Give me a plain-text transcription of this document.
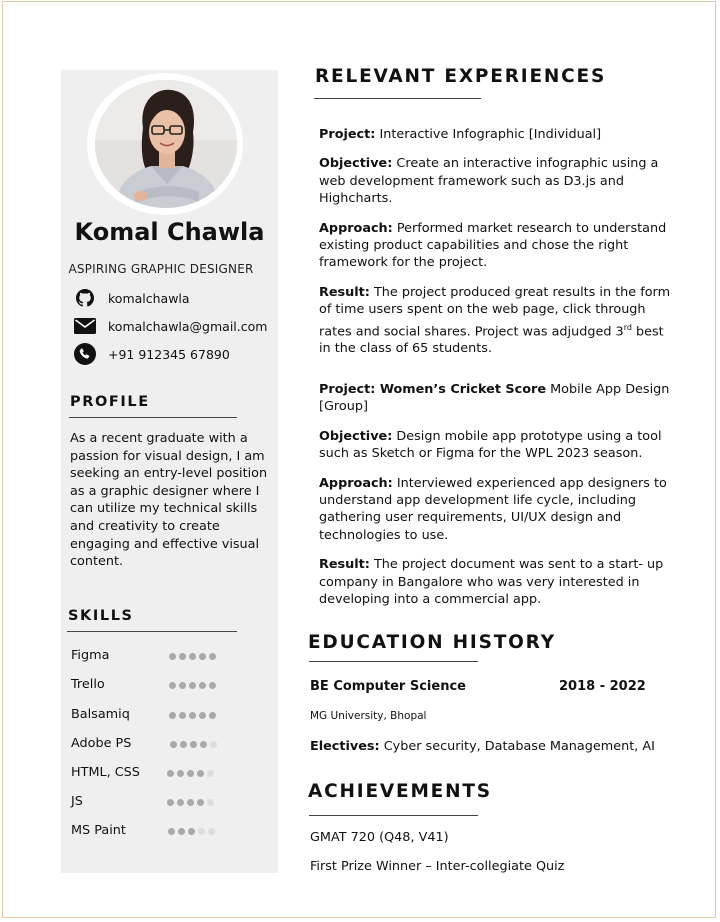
Komal Chawla
ASPIRING GRAPHIC DESIGNER
komalchawla
komalchawla@gmail.com
+91 912345 67890
PROFILE
As a recent graduate with a passion for visual design, I am seeking an entry-level position as a graphic designer where I can utilize my technical skills and creativity to create engaging and effective visual content.
SKILLS
Figma
Trello
Balsamiq
Adobe PS
HTML, CSS
JS
MS Paint
RELEVANT EXPERIENCES
Project: Interactive Infographic [Individual]
Objective: Create an interactive infographic using a web development framework such as D3.js and Highcharts.
Approach: Performed market research to understand existing product capabilities and chose the right framework for the project.
Result: The project produced great results in the form of time users spent on the web page, click through rates and social shares. Project was adjudged 3rd best in the class of 65 students.
Project: Women’s Cricket Score Mobile App Design [Group]
Objective: Design mobile app prototype using a tool such as Sketch or Figma for the WPL 2023 season.
Approach: Interviewed experienced app designers to understand app development life cycle, including gathering user requirements, UI/UX design and technologies to use.
Result: The project document was sent to a start- up company in Bangalore who was very interested in developing into a commercial app.
EDUCATION HISTORY
BE Computer Science	2018 - 2022
MG University, Bhopal
Electives: Cyber security, Database Management, AI
ACHIEVEMENTS
GMAT 720 (Q48, V41)
First Prize Winner – Inter-collegiate Quiz
